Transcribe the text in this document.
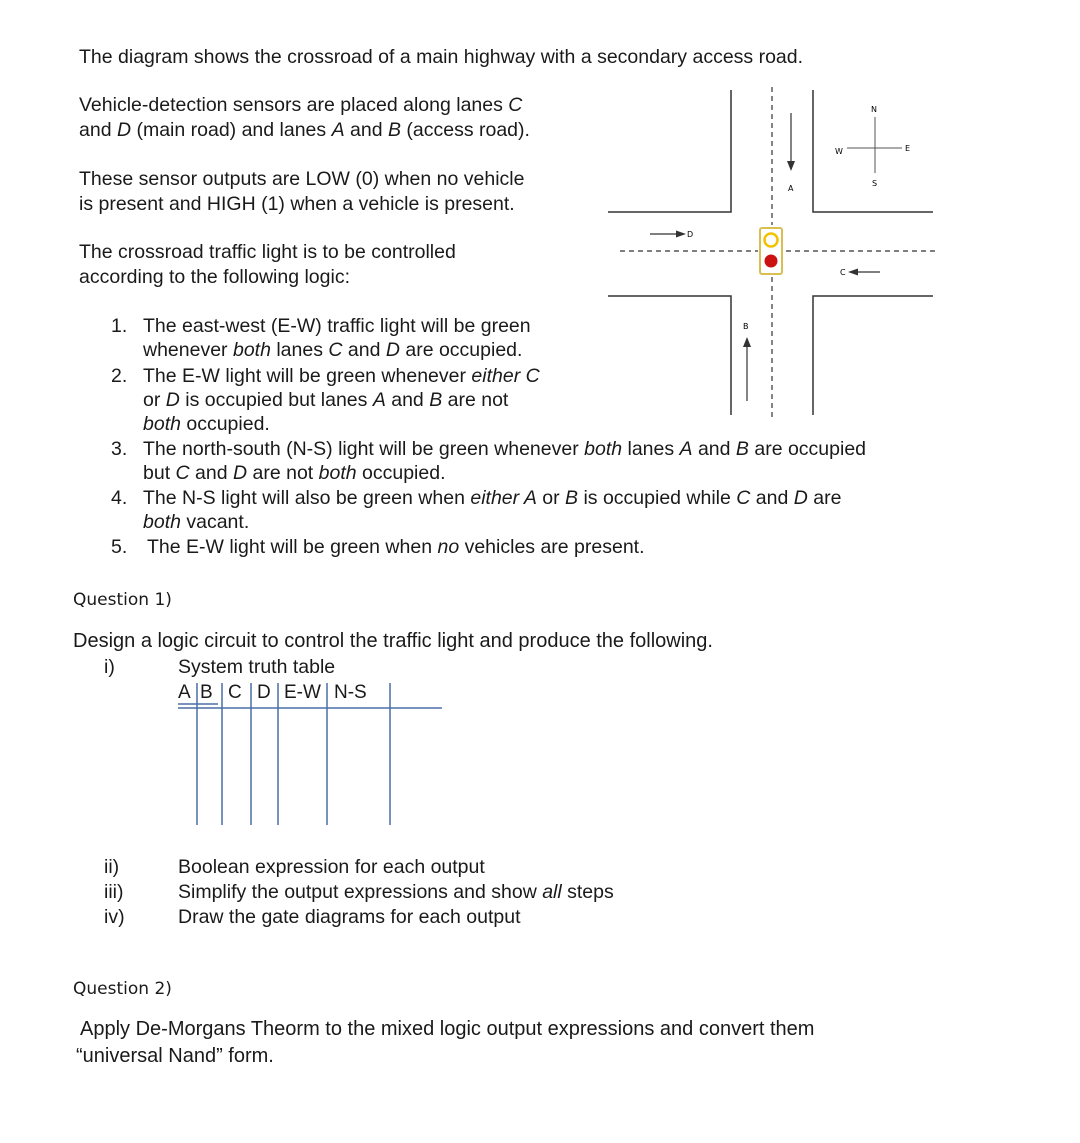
The diagram shows the crossroad of a main highway with a secondary access road.
Vehicle-detection sensors are placed along lanes C
and D (main road) and lanes A and B (access road).
These sensor outputs are LOW (0) when no vehicle
is present and HIGH (1) when a vehicle is present.
The crossroad traffic light is to be controlled
according to the following logic:
1. The east-west (E-W) traffic light will be green
whenever both lanes C and D are occupied.
2. The E-W light will be green whenever either C
or D is occupied but lanes A and B are not
both occupied.
3. The north-south (N-S) light will be green whenever both lanes A and B are occupied
but C and D are not both occupied.
4. The N-S light will also be green when either A or B is occupied while C and D are
both vacant.
5. The E-W light will be green when no vehicles are present.
A
B
D
C
N
S
E
W
Question 1)
Design a logic circuit to control the traffic light and produce the following.
i)	System truth table
A B C D E-W N-S
ii)	Boolean expression for each output
iii)	Simplify the output expressions and show all steps
iv)	Draw the gate diagrams for each output
Question 2)
Apply De-Morgans Theorm to the mixed logic output expressions and convert them
“universal Nand” form.
